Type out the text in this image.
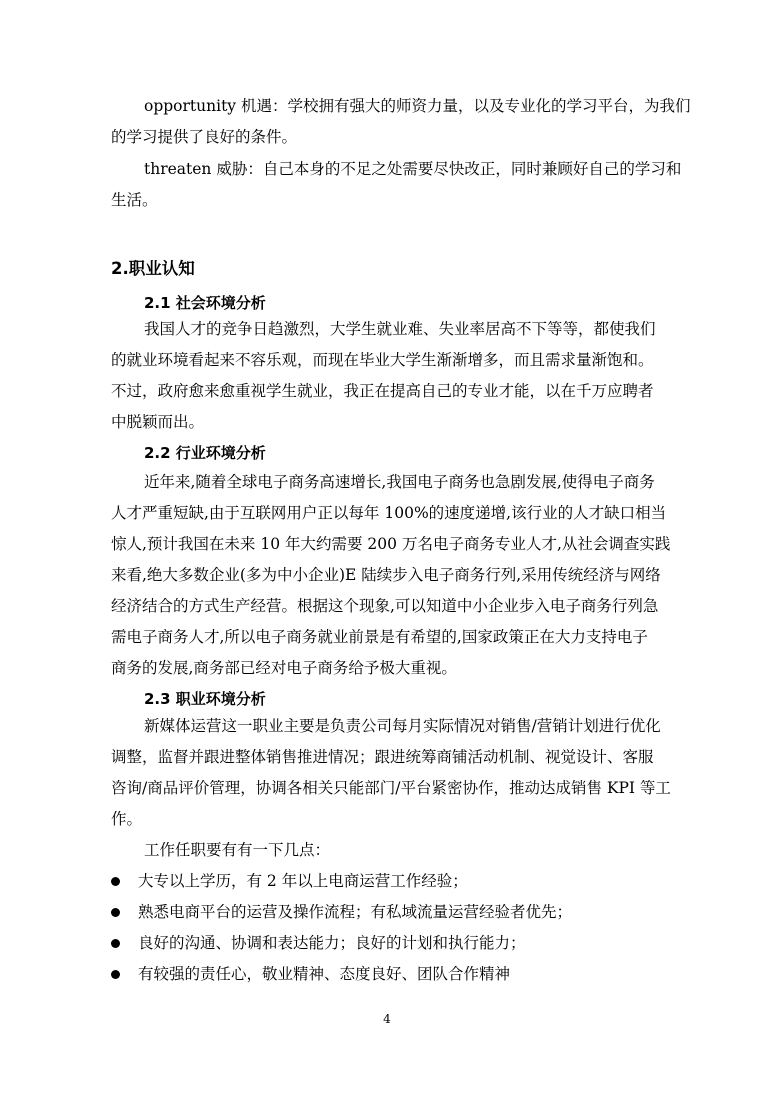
opportunity 机遇：学校拥有强大的师资力量，以及专业化的学习平台，为我们
的学习提供了良好的条件。
threaten 威胁：自己本身的不足之处需要尽快改正，同时兼顾好自己的学习和
生活。
2.职业认知
2.1 社会环境分析
我国人才的竞争日趋激烈，大学生就业难、失业率居高不下等等，都使我们
的就业环境看起来不容乐观，而现在毕业大学生渐渐增多，而且需求量渐饱和。
不过，政府愈来愈重视学生就业，我正在提高自己的专业才能，以在千万应聘者
中脱颖而出。
2.2 行业环境分析
近年来,随着全球电子商务高速增长,我国电子商务也急剧发展,使得电子商务
人才严重短缺,由于互联网用户正以每年 100%的速度递增,该行业的人才缺口相当
惊人,预计我国在未来 10 年大约需要 200 万名电子商务专业人才,从社会调查实践
来看,绝大多数企业(多为中小企业)E 陆续步入电子商务行列,采用传统经济与网络
经济结合的方式生产经营。根据这个现象,可以知道中小企业步入电子商务行列急
需电子商务人才,所以电子商务就业前景是有希望的,国家政策正在大力支持电子
商务的发展,商务部已经对电子商务给予极大重视。
2.3 职业环境分析
新媒体运营这一职业主要是负责公司每月实际情况对销售/营销计划进行优化
调整，监督并跟进整体销售推进情况；跟进统筹商铺活动机制、视觉设计、客服
咨询/商品评价管理，协调各相关只能部门/平台紧密协作，推动达成销售 KPI 等工
作。
工作任职要有有一下几点：
大专以上学历，有 2 年以上电商运营工作经验；
熟悉电商平台的运营及操作流程；有私域流量运营经验者优先；
良好的沟通、协调和表达能力；良好的计划和执行能力；
有较强的责任心，敬业精神、态度良好、团队合作精神
4
